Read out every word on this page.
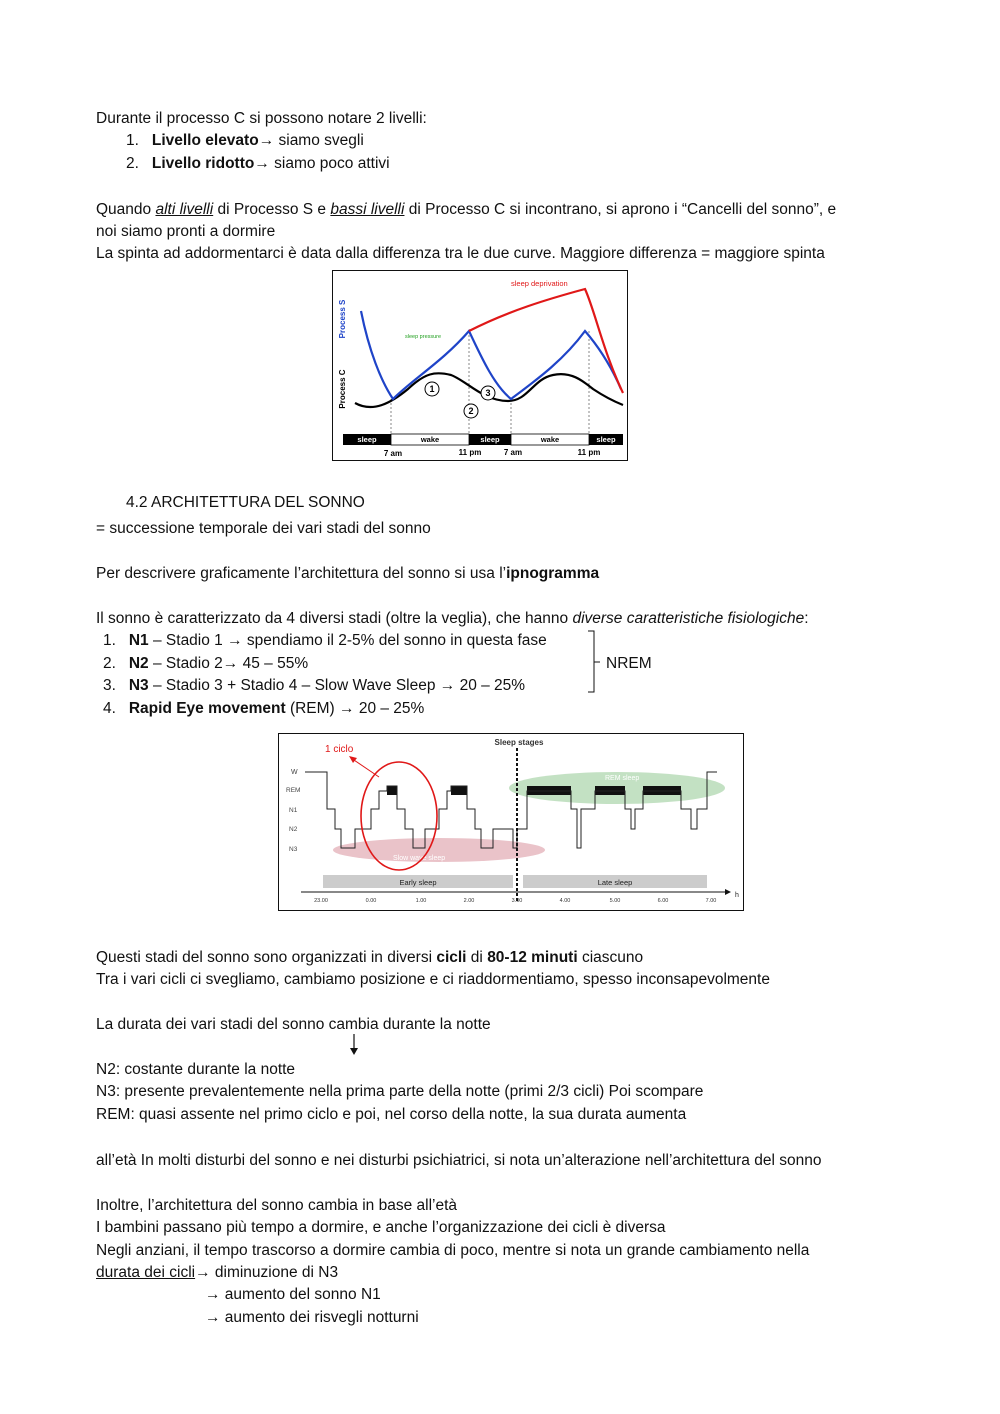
Durante il processo C si possono notare 2 livelli:
1. Livello elevato→ siamo svegli
2. Livello ridotto→ siamo poco attivi
Quando alti livelli di Processo S e bassi livelli di Processo C si incontrano, si aprono i “Cancelli del sonno”, e
noi siamo pronti a dormire
La spinta ad addormentarci è data dalla differenza tra le due curve. Maggiore differenza = maggiore spinta
Process S
Process C
sleep deprivation
sleep pressure
1
2
3
sleep	wake	sleep	wake	sleep
7 am	11 pm	7 am	11 pm
4.2 ARCHITETTURA DEL SONNO
= successione temporale dei vari stadi del sonno
Per descrivere graficamente l’architettura del sonno si usa l’ipnogramma
Il sonno è caratterizzato da 4 diversi stadi (oltre la veglia), che hanno diverse caratteristiche fisiologiche:
1. N1 – Stadio 1 → spendiamo il 2-5% del sonno in questa fase
2. N2 – Stadio 2→ 45 – 55%
3. N3 – Stadio 3 + Stadio 4 – Slow Wave Sleep → 20 – 25%
4. Rapid Eye movement (REM) → 20 – 25%
NREM
REM sleep
Slow wave sleep
Sleep stages
W
REM
N1
N2
N3
Early sleep	Late sleep
h
23.00	0.00	1.00	2.00	3.00	4.00	5.00	6.00	7.00
1 ciclo
Questi stadi del sonno sono organizzati in diversi cicli di 80-12 minuti ciascuno
Tra i vari cicli ci svegliamo, cambiamo posizione e ci riaddormentiamo, spesso inconsapevolmente
La durata dei vari stadi del sonno cambia durante la notte
N2: costante durante la notte
N3: presente prevalentemente nella prima parte della notte (primi 2/3 cicli) Poi scompare
REM: quasi assente nel primo ciclo e poi, nel corso della notte, la sua durata aumenta
all’età In molti disturbi del sonno e nei disturbi psichiatrici, si nota un’alterazione nell’architettura del sonno
Inoltre, l’architettura del sonno cambia in base all’età
I bambini passano più tempo a dormire, e anche l’organizzazione dei cicli è diversa
Negli anziani, il tempo trascorso a dormire cambia di poco, mentre si nota un grande cambiamento nella
durata dei cicli→ diminuzione di N3
→ aumento del sonno N1
→ aumento dei risvegli notturni
